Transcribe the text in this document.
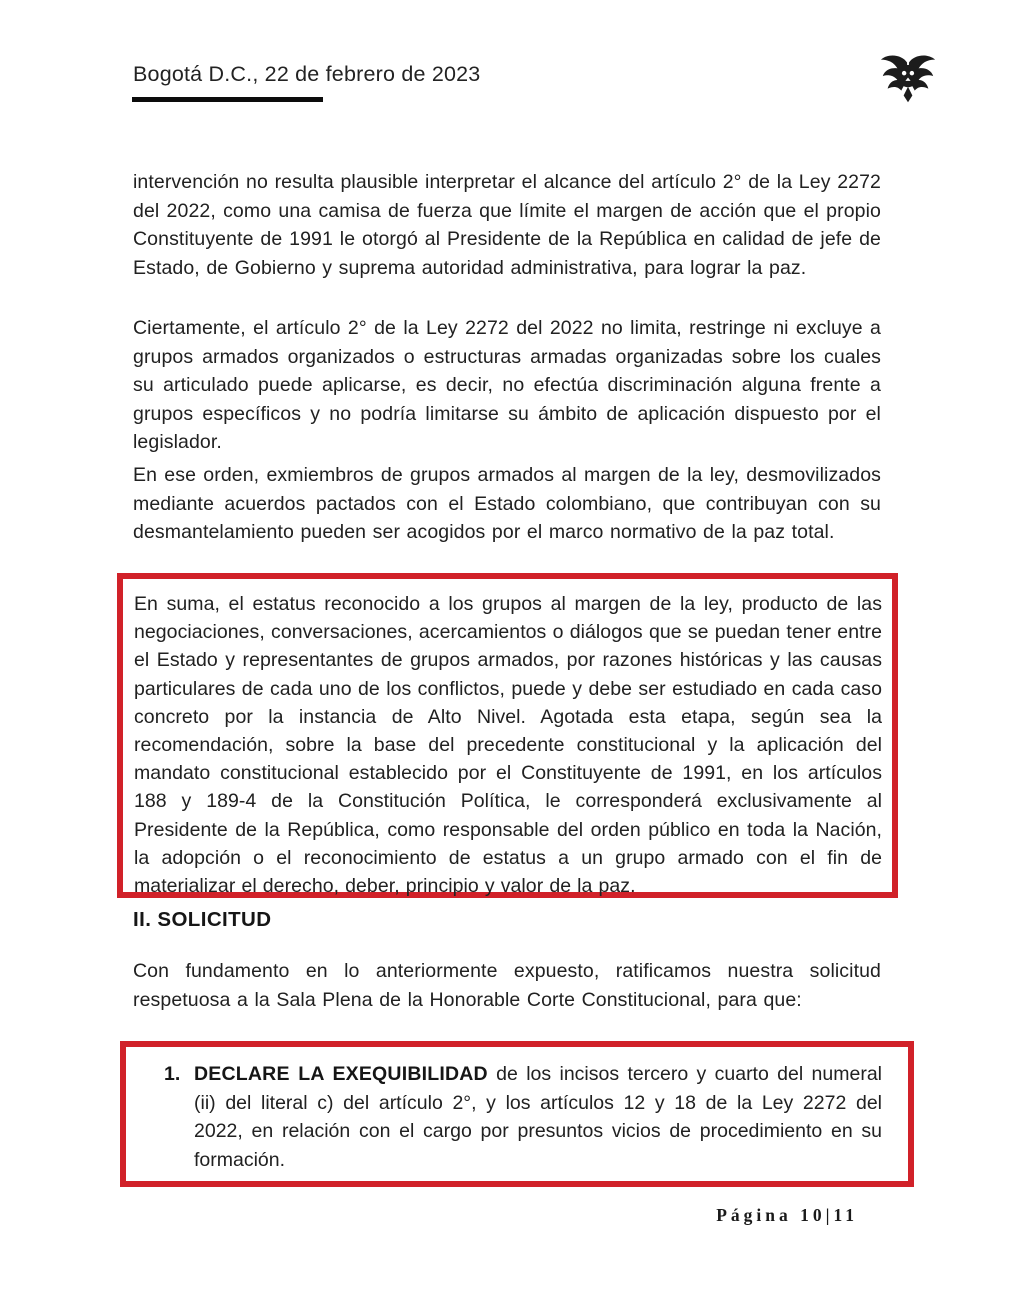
Bogotá D.C., 22 de febrero de 2023

intervención no resulta plausible interpretar el alcance del artículo 2° de la Ley 2272 del 2022, como una camisa de fuerza que límite el margen de acción que el propio Constituyente de 1991 le otorgó al Presidente de la República en calidad de jefe de Estado, de Gobierno y suprema autoridad administrativa, para lograr la paz.

Ciertamente, el artículo 2° de la Ley 2272 del 2022 no limita, restringe ni excluye a grupos armados organizados o estructuras armadas organizadas sobre los cuales su articulado puede aplicarse, es decir, no efectúa discriminación alguna frente a grupos específicos y no podría limitarse su ámbito de aplicación dispuesto por el legislador.

En ese orden, exmiembros de grupos armados al margen de la ley, desmovilizados mediante acuerdos pactados con el Estado colombiano, que contribuyan con su desmantelamiento pueden ser acogidos por el marco normativo de la paz total.

En suma, el estatus reconocido a los grupos al margen de la ley, producto de las negociaciones, conversaciones, acercamientos o diálogos que se puedan tener entre el Estado y representantes de grupos armados, por razones históricas y las causas particulares de cada uno de los conflictos, puede y debe ser estudiado en cada caso concreto por la instancia de Alto Nivel. Agotada esta etapa, según sea la recomendación, sobre la base del precedente constitucional y la aplicación del mandato constitucional establecido por el Constituyente de 1991, en los artículos 188 y 189-4 de la Constitución Política, le corresponderá exclusivamente al Presidente de la República, como responsable del orden público en toda la Nación, la adopción o el reconocimiento de estatus a un grupo armado con el fin de materializar el derecho, deber, principio y valor de la paz.
II. SOLICITUD

Con fundamento en lo anteriormente expuesto, ratificamos nuestra solicitud respetuosa a la Sala Plena de la Honorable Corte Constitucional, para que:

1. DECLARE LA EXEQUIBILIDAD de los incisos tercero y cuarto del numeral (ii) del literal c) del artículo 2°, y los artículos 12 y 18 de la Ley 2272 del 2022, en relación con el cargo por presuntos vicios de procedimiento en su formación.
Página 10|11
